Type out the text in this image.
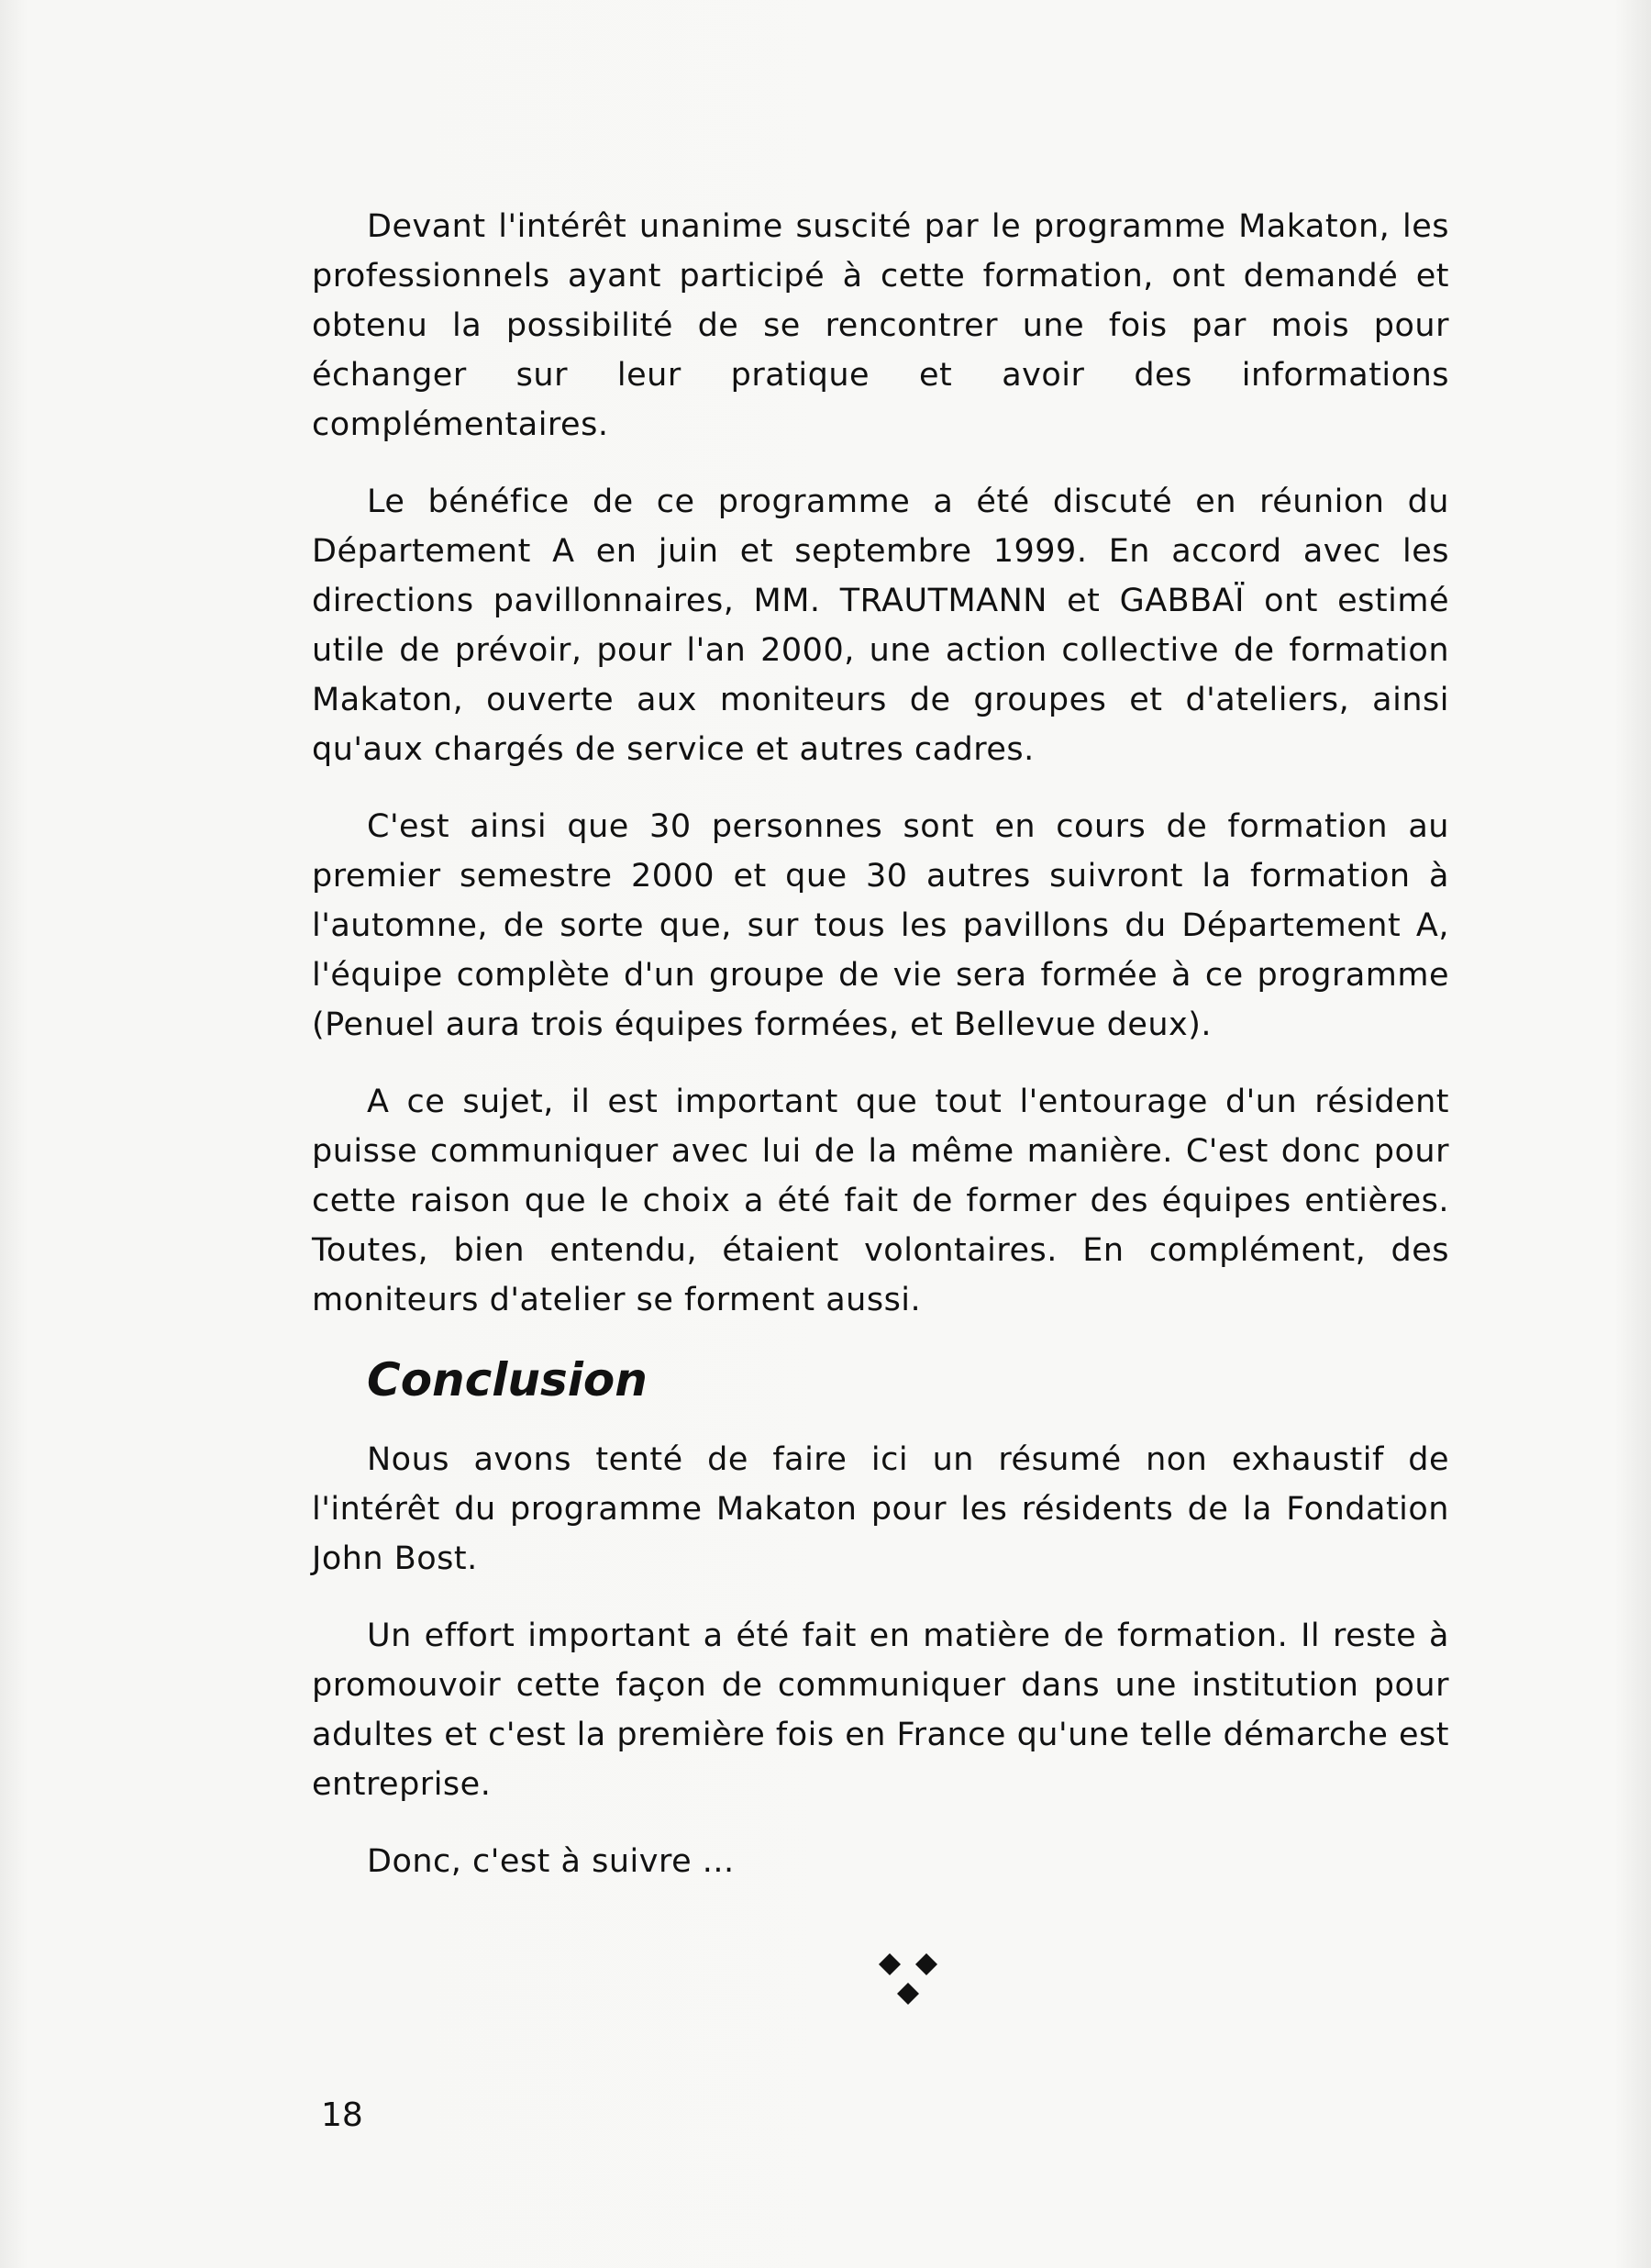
Devant l'intérêt unanime suscité par le programme Makaton, les professionnels ayant participé à cette formation, ont demandé et obtenu la possibilité de se rencontrer une fois par mois pour échanger sur leur pratique et avoir des informations complémentaires.

Le bénéfice de ce programme a été discuté en réunion du Département A en juin et septembre 1999. En accord avec les directions pavillonnaires, MM. TRAUTMANN et GABBAÏ ont estimé utile de prévoir, pour l'an 2000, une action collective de formation Makaton, ouverte aux moniteurs de groupes et d'ateliers, ainsi qu'aux chargés de service et autres cadres.

C'est ainsi que 30 personnes sont en cours de formation au premier semestre 2000 et que 30 autres suivront la formation à l'automne, de sorte que, sur tous les pavillons du Département A, l'équipe complète d'un groupe de vie sera formée à ce programme (Penuel aura trois équipes formées, et Bellevue deux).

A ce sujet, il est important que tout l'entourage d'un résident puisse communiquer avec lui de la même manière. C'est donc pour cette raison que le choix a été fait de former des équipes entières. Toutes, bien entendu, étaient volontaires. En complément, des moniteurs d'atelier se forment aussi.

Conclusion

Nous avons tenté de faire ici un résumé non exhaustif de l'intérêt du programme Makaton pour les résidents de la Fondation John Bost.

Un effort important a été fait en matière de formation. Il reste à promouvoir cette façon de communiquer dans une institution pour adultes et c'est la première fois en France qu'une telle démarche est entreprise.

Donc, c'est à suivre ...

18
